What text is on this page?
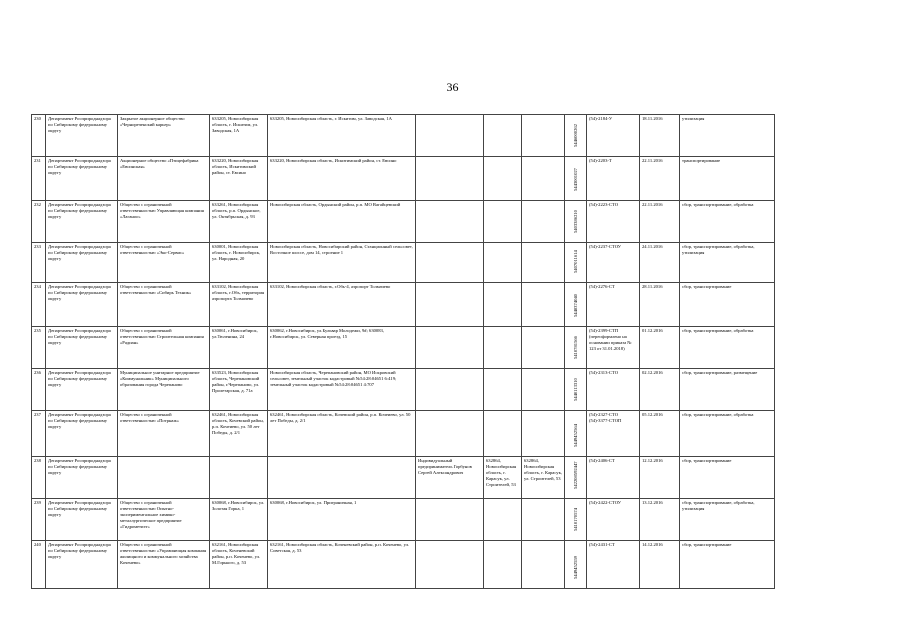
36
230	Департамент Росприроднадзора по Сибирскому федеральному округу	Закрытое акционерное общество «Чернореченский карьер»	633205, Новосибирская область, г. Искитим, ул. Заводская, 1А	633205, Новосибирская область, г. Искитим, ул. Заводская, 1А				5446000262	(54)-2184-У	18.11.2016	утилизация
231	Департамент Росприроднадзора по Сибирскому федеральному округу	Акционерное общество «Птицефабрика «Евсинская»	633220, Новосибирская область, Искитимский район, ст. Евсино	633220, Новосибирская область, Искитимский район, ст. Евсино				5443001027	(54)-2203-Т	22.11.2016	транспортирование
232	Департамент Росприроднадзора по Сибирскому федеральному округу	Общество с ограниченной ответственностью Управляющая компания «Лаганоо»	633261, Новосибирская область, р.п. Ордынское, ул. Октябрьская, д. 93	Новосибирская область, Ордынский район, р.п. МО Вагайцевский				5403386210	(54)-2223-СТО	22.11.2016	сбор, транспортирование, обработка
233	Департамент Росприроднадзора по Сибирскому федеральному округу	Общество с ограниченной ответственностью «Эко-Сервис»	630001, Новосибирская область, г. Новосибирск, ул. Народная, 20	Новосибирская область, Новосибирский район, Станционный сельсовет, Восточное шоссе, дом 14, строение 1				5407011614	(54)-2237-СТОУ	24.11.2016	сбор, транспортирование, обработка, утилизация
234	Департамент Росприроднадзора по Сибирскому федеральному округу	Общество с ограниченной ответственностью «Сибирь Техник»	633102, Новосибирская область, г.Обь, территория аэропорта Толмачево	633102, Новосибирская область, г.Обь-4, аэропорт Толмачево				5448374040	(54)-2276-СТ	28.11.2016	сбор, транспортирование
235	Департамент Росприроднадзора по Сибирскому федеральному округу	Общество с ограниченной ответственностью Строительная компания «Радиан»	630061, г.Новосибирск, ул.Тюленина, 24	630062, г.Новосибирск, ул.Бульвар Молодежи, 9#; 630083, г.Новосибирск, ул. Северная проезд, 15				5410781566	(54)-2399-СТП (переоформлено на основании приказа № 123 от 31.01.2018)	01.12.2016	сбор, транспортирование, обработка
236	Департамент Росприроднадзора по Сибирскому федеральному округу	Муниципальное унитарное предприятие «Коммунальник» Муниципального образования города Черепаново	633523, Новосибирская область, Черепановский район, г.Черепаново, ул. Пролетарская, д. 71а	Новосибирская область, Черепановский район, МО Искровский сельсовет, земельный участок кадастровый №54:28:04651 6:419; земельный участок кадастровый №54:28:04651 4:707				5440113310	(54)-2313-СТО	02.12.2016	сбор, транспортирование, размещение
237	Департамент Росприроднадзора по Сибирскому федеральному округу	Общество с ограниченной ответственностью «Потрнаж»	632461, Новосибирская область, Кочевский район, р.п. Кочеиево, ул. 50 лет Победы, д. 2/1	632461, Новосибирская область, Кочевский район, р.п. Кочеиево, ул. 50 лет Победы, д. 2/1				5449452564	(54)-2327-СТО (54)-3377-СТОП	05.12.2016	сбор, транспортирование, обработка
238	Департамент Росприроднадзора по Сибирскому федеральному округу				Индивидуальный предприниматель Горбунов Сергей Александрович	632864, Новосибирская область, г. Карасук, ул. Строителей, 53	632864, Новосибирская область, г. Карасук, ул. Строителей, 53	542208592447	(54)-2406-СТ	12.12.2016	сбор, транспортирование
239	Департамент Росприроднадзора по Сибирскому федеральному округу	Общество с ограниченной ответственностью Опытно-экспериментальное химико-металлургическое предприятие «Гидрометиэт»	630068, г.Новосибирск, ул. Золотая Горка, 1	630068, г.Новосибирск, ул. Приграничная, 1				5410170574	(54)-2422-СТОУ	13.12.2016	сбор, транспортирование, обработка, утилизация
240	Департамент Росприроднадзора по Сибирскому федеральному округу	Общество с ограниченной ответственностью «Управляющая компания жилищного и коммунального хозяйства Коченево»	632161, Новосибирская область, Коченевский район, р.п. Коченево, ул. М.Горького, д. 53	632161, Новосибирская область, Коченевский район, р.п. Коченево, ул. Советская, д. 53				5449452559	(54)-2431-СТ	14.12.2016	сбор, транспортирование
